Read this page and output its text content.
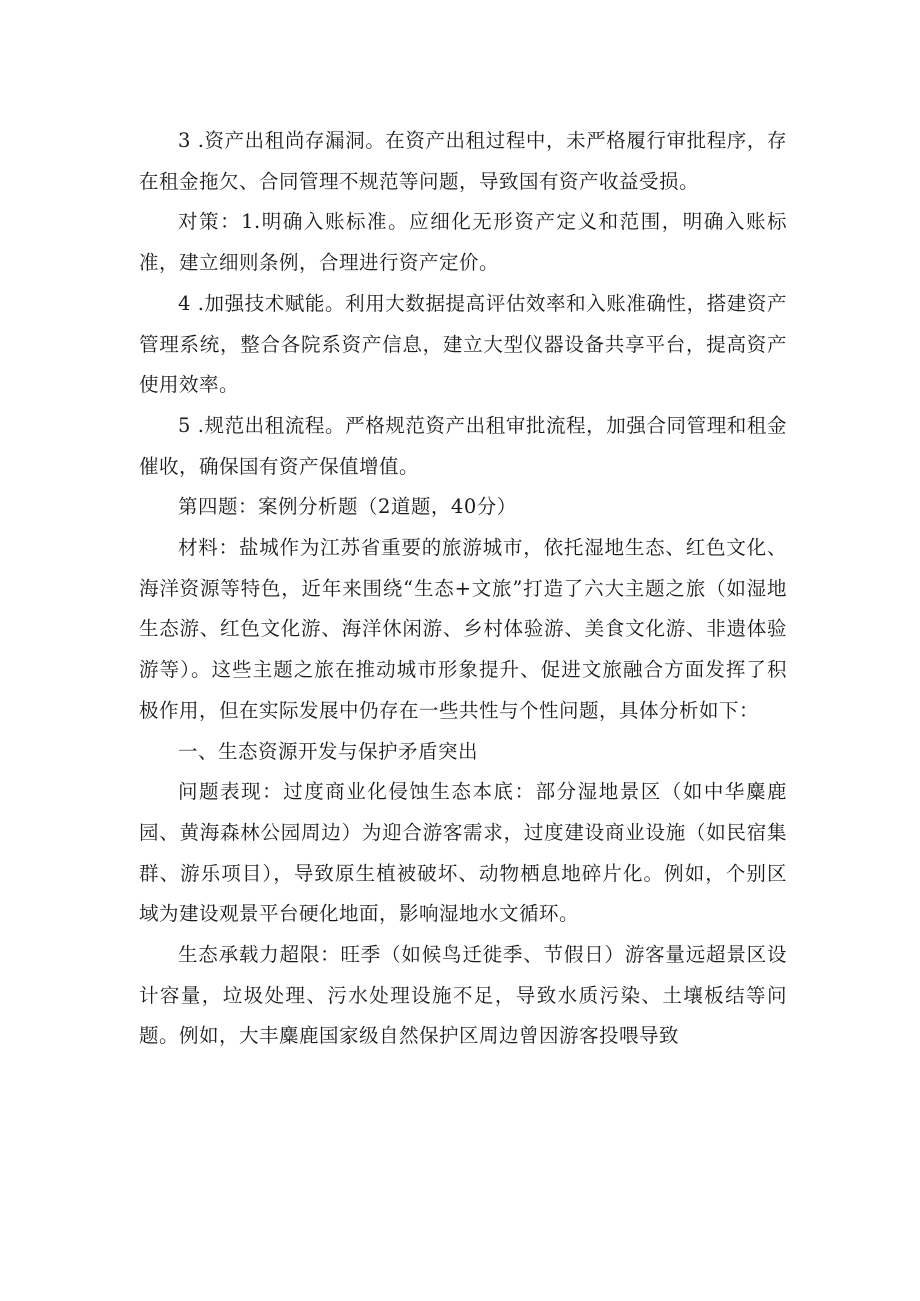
3 .资产出租尚存漏洞。在资产出租过程中，未严格履行审批程序，存在租金拖欠、合同管理不规范等问题，导致国有资产收益受损。

对策：1.明确入账标准。应细化无形资产定义和范围，明确入账标准，建立细则条例，合理进行资产定价。

4 .加强技术赋能。利用大数据提高评估效率和入账准确性，搭建资产管理系统，整合各院系资产信息，建立大型仪器设备共享平台，提高资产使用效率。

5 .规范出租流程。严格规范资产出租审批流程，加强合同管理和租金催收，确保国有资产保值增值。

第四题：案例分析题（2道题，40分）

材料：盐城作为江苏省重要的旅游城市，依托湿地生态、红色文化、海洋资源等特色，近年来围绕“生态+文旅”打造了六大主题之旅（如湿地生态游、红色文化游、海洋休闲游、乡村体验游、美食文化游、非遗体验游等）。这些主题之旅在推动城市形象提升、促进文旅融合方面发挥了积极作用，但在实际发展中仍存在一些共性与个性问题，具体分析如下：

一、生态资源开发与保护矛盾突出

问题表现：过度商业化侵蚀生态本底：部分湿地景区（如中华麋鹿园、黄海森林公园周边）为迎合游客需求，过度建设商业设施（如民宿集群、游乐项目），导致原生植被破坏、动物栖息地碎片化。例如，个别区域为建设观景平台硬化地面，影响湿地水文循环。

生态承载力超限：旺季（如候鸟迁徙季、节假日）游客量远超景区设计容量，垃圾处理、污水处理设施不足，导致水质污染、土壤板结等问题。例如，大丰麋鹿国家级自然保护区周边曾因游客投喂导致
